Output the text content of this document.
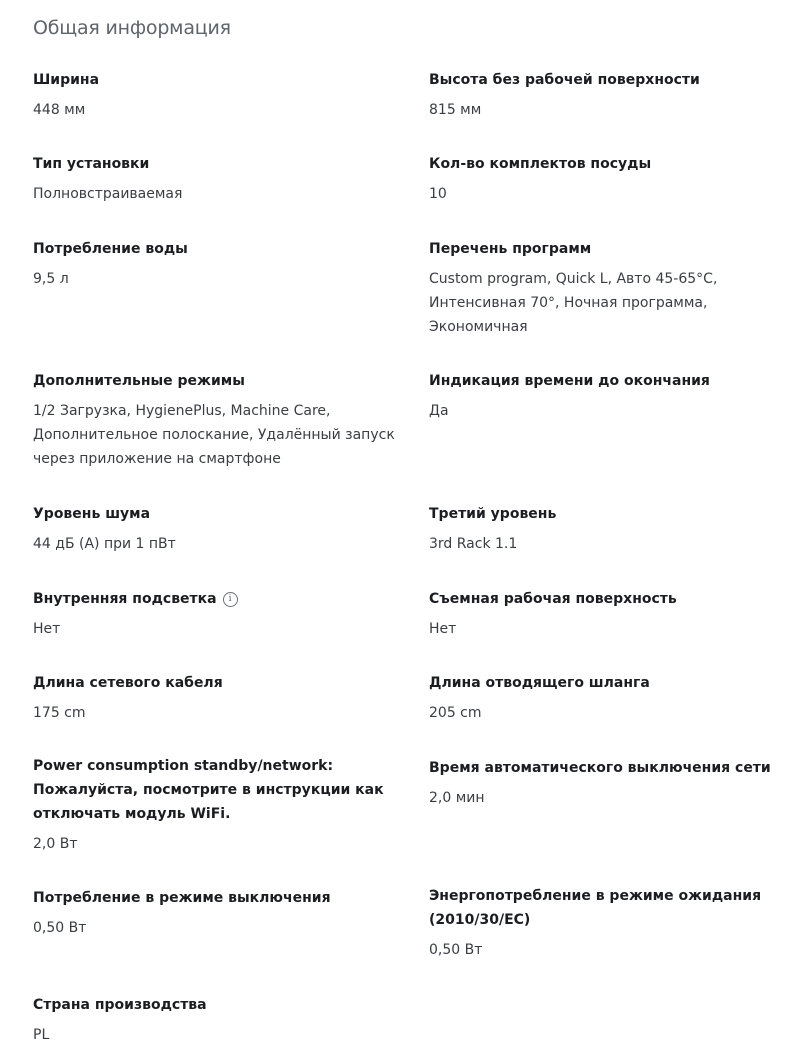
Общая информация

Ширина

448 мм

Высота без рабочей поверхности

815 мм

Тип установки

Полновстраиваемая

Кол-во комплектов посуды

10

Потребление воды

9,5 л

Перечень программ

Custom program, Quick L, Авто 45-65°C, Интенсивная 70°, Ночная программа, Экономичная

Дополнительные режимы

1/2 Загрузка, HygienePlus, Machine Care, Дополнительное полоскание, Удалённый запуск через приложение на смартфоне

Индикация времени до окончания

Да

Уровень шума

44 дБ (A) при 1 пВт

Третий уровень

3rd Rack 1.1

Внутренняя подсветка i

Нет

Съемная рабочая поверхность

Нет

Длина сетевого кабеля

175 cm

Длина отводящего шланга

205 cm

Power consumption standby/network: Пожалуйста, посмотрите в инструкции как отключать модуль WiFi.

2,0 Вт

Время автоматического выключения сети

2,0 мин

Потребление в режиме выключения

0,50 Вт

Энергопотребление в режиме ожидания (2010/30/EC)

0,50 Вт

Страна производства

PL
